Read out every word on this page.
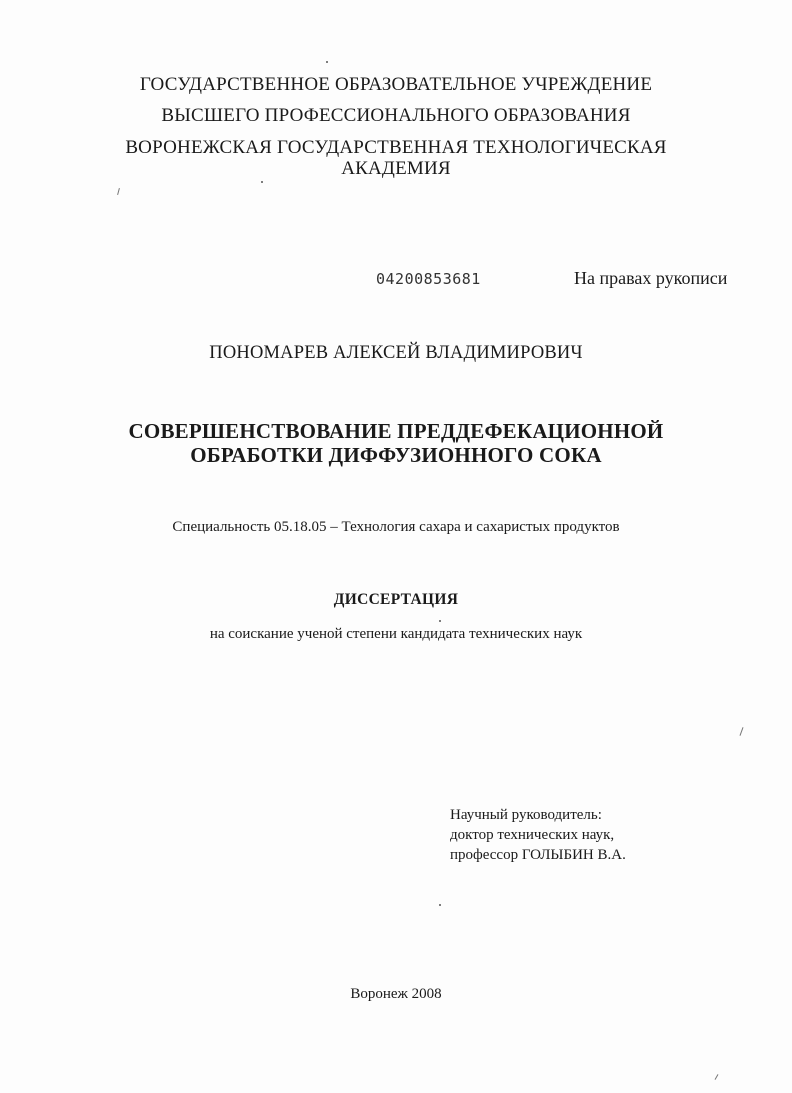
ГОСУДАРСТВЕННОЕ ОБРАЗОВАТЕЛЬНОЕ УЧРЕЖДЕНИЕ
ВЫСШЕГО ПРОФЕССИОНАЛЬНОГО ОБРАЗОВАНИЯ
ВОРОНЕЖСКАЯ ГОСУДАРСТВЕННАЯ ТЕХНОЛОГИЧЕСКАЯ
АКАДЕМИЯ
04200853681	На правах рукописи
ПОНОМАРЕВ АЛЕКСЕЙ ВЛАДИМИРОВИЧ
СОВЕРШЕНСТВОВАНИЕ ПРЕДДЕФЕКАЦИОННОЙ
ОБРАБОТКИ ДИФФУЗИОННОГО СОКА
Специальность 05.18.05 – Технология сахара и сахаристых продуктов
ДИССЕРТАЦИЯ
на соискание ученой степени кандидата технических наук
Научный руководитель:
доктор технических наук,
профессор ГОЛЫБИН В.А.
Воронеж 2008
